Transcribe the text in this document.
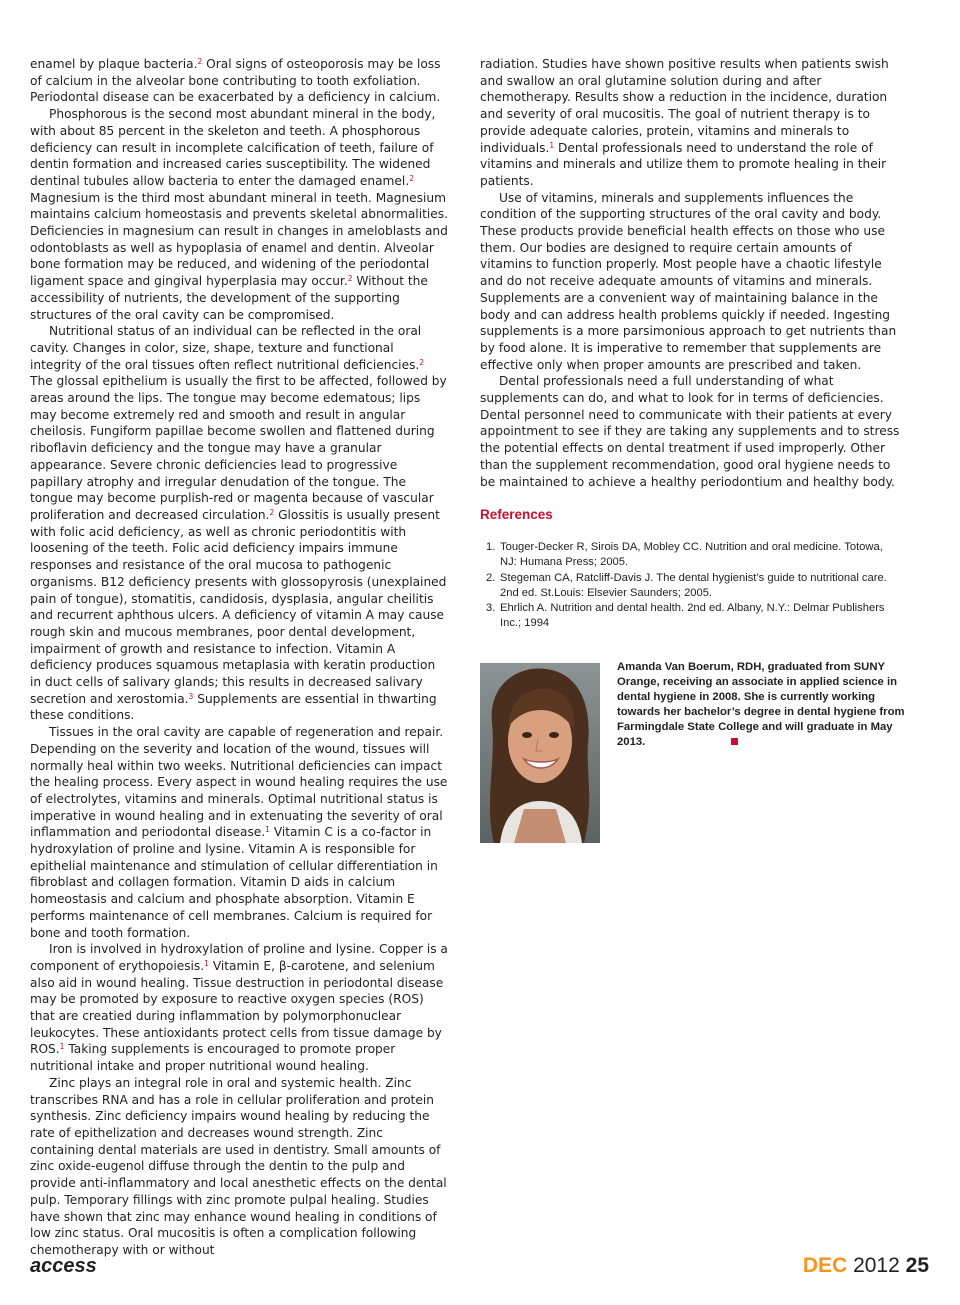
enamel by plaque bacteria.$^2$ Oral signs of osteoporosis may be loss of calcium in the alveolar bone contributing to tooth exfoliation. Periodontal disease can be exacerbated by a deficiency in calcium.

Phosphorous is the second most abundant mineral in the body, with about 85 percent in the skeleton and teeth. A phosphorous deficiency can result in incomplete calcification of teeth, failure of dentin formation and increased caries susceptibility. The widened dentinal tubules allow bacteria to enter the damaged enamel.$^2$ Magnesium is the third most abundant mineral in teeth. Magnesium maintains calcium homeostasis and prevents skeletal abnormalities. Deficiencies in magnesium can result in changes in ameloblasts and odontoblasts as well as hypoplasia of enamel and dentin. Alveolar bone formation may be reduced, and widening of the periodontal ligament space and gingival hyperplasia may occur.$^2$ Without the accessibility of nutrients, the development of the supporting structures of the oral cavity can be compromised.

Nutritional status of an individual can be reflected in the oral cavity. Changes in color, size, shape, texture and functional integrity of the oral tissues often reflect nutritional deficiencies.$^2$ The glossal epithelium is usually the first to be affected, followed by areas around the lips. The tongue may become edematous; lips may become extremely red and smooth and result in angular cheilosis. Fungiform papillae become swollen and flattened during riboflavin deficiency and the tongue may have a granular appearance. Severe chronic deficiencies lead to progressive papillary atrophy and irregular denudation of the tongue. The tongue may become purplish-red or magenta because of vascular proliferation and decreased circulation.$^2$ Glossitis is usually present with folic acid deficiency, as well as chronic periodontitis with loosening of the teeth. Folic acid deficiency impairs immune responses and resistance of the oral mucosa to pathogenic organisms. B12 deficiency presents with glossopyrosis (unexplained pain of tongue), stomatitis, candidosis, dysplasia, angular cheilitis and recurrent aphthous ulcers. A deficiency of vitamin A may cause rough skin and mucous membranes, poor dental development, impairment of growth and resistance to infection. Vitamin A deficiency produces squamous metaplasia with keratin production in duct cells of salivary glands; this results in decreased salivary secretion and xerostomia.$^3$ Supplements are essential in thwarting these conditions.

Tissues in the oral cavity are capable of regeneration and repair. Depending on the severity and location of the wound, tissues will normally heal within two weeks. Nutritional deficiencies can impact the healing process. Every aspect in wound healing requires the use of electrolytes, vitamins and minerals. Optimal nutritional status is imperative in wound healing and in extenuating the severity of oral inflammation and periodontal disease.$^1$ Vitamin C is a co-factor in hydroxylation of proline and lysine. Vitamin A is responsible for epithelial maintenance and stimulation of cellular differentiation in fibroblast and collagen formation. Vitamin D aids in calcium homeostasis and calcium and phosphate absorption. Vitamin E performs maintenance of cell membranes. Calcium is required for bone and tooth formation.

Iron is involved in hydroxylation of proline and lysine. Copper is a component of erythopoiesis.$^1$ Vitamin E, β-carotene, and selenium also aid in wound healing. Tissue destruction in periodontal disease may be promoted by exposure to reactive oxygen species (ROS) that are creatied during inflammation by polymorphonuclear leukocytes. These antioxidants protect cells from tissue damage by ROS.$^1$ Taking supplements is encouraged to promote proper nutritional intake and proper nutritional wound healing.

Zinc plays an integral role in oral and systemic health. Zinc transcribes RNA and has a role in cellular proliferation and protein synthesis. Zinc deficiency impairs wound healing by reducing the rate of epithelization and decreases wound strength. Zinc containing dental materials are used in dentistry. Small amounts of zinc oxide-eugenol diffuse through the dentin to the pulp and provide anti-inflammatory and local anesthetic effects on the dental pulp. Temporary fillings with zinc promote pulpal healing. Studies have shown that zinc may enhance wound healing in conditions of low zinc status. Oral mucositis is often a complication following chemotherapy with or without

radiation. Studies have shown positive results when patients swish and swallow an oral glutamine solution during and after chemotherapy. Results show a reduction in the incidence, duration and severity of oral mucositis. The goal of nutrient therapy is to provide adequate calories, protein, vitamins and minerals to individuals.$^1$ Dental professionals need to understand the role of vitamins and minerals and utilize them to promote healing in their patients.

Use of vitamins, minerals and supplements influences the condition of the supporting structures of the oral cavity and body. These products provide beneficial health effects on those who use them. Our bodies are designed to require certain amounts of vitamins to function properly. Most people have a chaotic lifestyle and do not receive adequate amounts of vitamins and minerals. Supplements are a convenient way of maintaining balance in the body and can address health problems quickly if needed. Ingesting supplements is a more parsimonious approach to get nutrients than by food alone. It is imperative to remember that supplements are effective only when proper amounts are prescribed and taken.

Dental professionals need a full understanding of what supplements can do, and what to look for in terms of deficiencies. Dental personnel need to communicate with their patients at every appointment to see if they are taking any supplements and to stress the potential effects on dental treatment if used improperly. Other than the supplement recommendation, good oral hygiene needs to be maintained to achieve a healthy periodontium and healthy body.

References
1. Touger-Decker R, Sirois DA, Mobley CC. Nutrition and oral medicine. Totowa, NJ: Humana Press; 2005.
2. Stegeman CA, Ratcliff-Davis J. The dental hygienist’s guide to nutritional care. 2nd ed. St.Louis: Elsevier Saunders; 2005.
3. Ehrlich A. Nutrition and dental health. 2nd ed. Albany, N.Y.: Delmar Publishers Inc.; 1994

Amanda Van Boerum, RDH, graduated from SUNY Orange, receiving an associate in applied science in dental hygiene in 2008. She is currently working towards her bachelor’s degree in dental hygiene from Farmingdale State College and will graduate in May 2013.

access	DEC 2012 25
